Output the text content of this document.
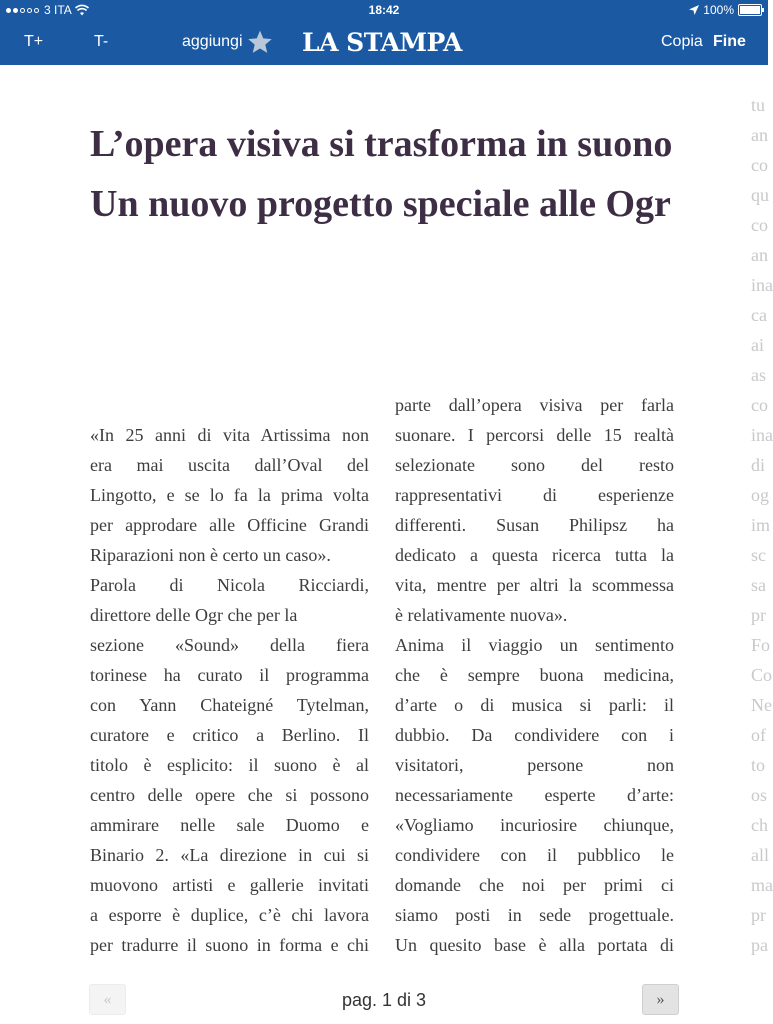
3 ITA	18:42	100%
T+	T-	aggiungi LA STAMPA	Copia Fine
L’opera visiva si trasforma in suono
Un nuovo progetto speciale alle Ogr
«In 25 anni di vita Artissima non
era mai uscita dall’Oval del
Lingotto, e se lo fa la prima volta
per approdare alle Officine Grandi
Riparazioni non è certo un caso».
Parola di Nicola Ricciardi,
direttore delle Ogr che per la
sezione «Sound» della fiera
torinese ha curato il programma
con Yann Chateigné Tytelman,
curatore e critico a Berlino. Il
titolo è esplicito: il suono è al
centro delle opere che si possono
ammirare nelle sale Duomo e
Binario 2. «La direzione in cui si
muovono artisti e gallerie invitati
a esporre è duplice, c’è chi lavora
per tradurre il suono in forma e chi
parte dall’opera visiva per farla
suonare. I percorsi delle 15 realtà
selezionate sono del resto
rappresentativi di esperienze
differenti. Susan Philipsz ha
dedicato a questa ricerca tutta la
vita, mentre per altri la scommessa
è relativamente nuova».
Anima il viaggio un sentimento
che è sempre buona medicina,
d’arte o di musica si parli: il
dubbio. Da condividere con i
visitatori, persone non
necessariamente esperte d’arte:
«Vogliamo incuriosire chiunque,
condividere con il pubblico le
domande che noi per primi ci
siamo posti in sede progettuale.
Un quesito base è alla portata di
tu
an
co
qu
co
an
ina
ca
ai
as
co
ina
di
og
im
sc
sa
pr
Fo
Co
Ne
of
to
os
ch
all
ma
pr
pa
«	pag. 1 di 3	»
